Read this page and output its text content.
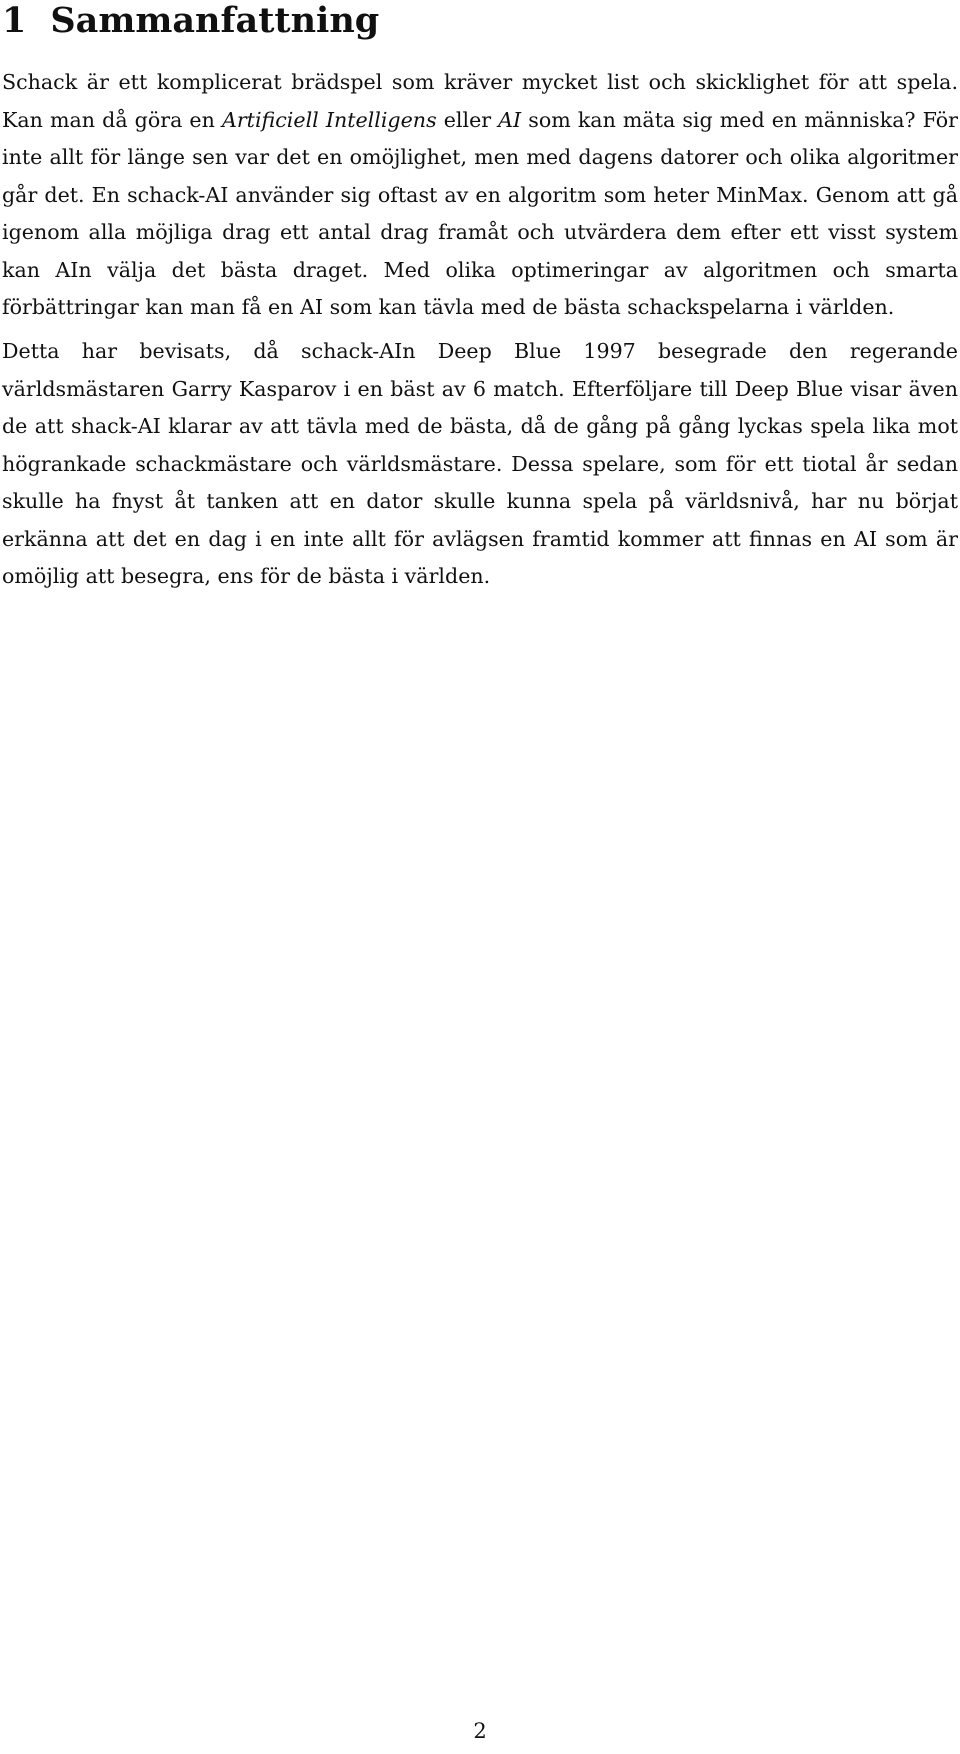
1 Sammanfattning

Schack är ett komplicerat brädspel som kräver mycket list och skicklighet för att spela. Kan man då göra en Artificiell Intelligens eller AI som kan mäta sig med en människa? För inte allt för länge sen var det en omöjlighet, men med dagens datorer och olika algoritmer går det. En schack-AI använder sig oftast av en algoritm som heter MinMax. Genom att gå igenom alla möjliga drag ett antal drag framåt och utvärdera dem efter ett visst system kan AIn välja det bästa draget. Med olika optimeringar av algoritmen och smarta förbättringar kan man få en AI som kan tävla med de bästa schackspelarna i världen.

Detta har bevisats, då schack-AIn Deep Blue 1997 besegrade den regerande världsmästaren Garry Kasparov i en bäst av 6 match. Efterföljare till Deep Blue visar även de att shack-AI klarar av att tävla med de bästa, då de gång på gång lyckas spela lika mot högrankade schackmästare och världsmästare. Dessa spelare, som för ett tiotal år sedan skulle ha fnyst åt tanken att en dator skulle kunna spela på världsnivå, har nu börjat erkänna att det en dag i en inte allt för avlägsen framtid kommer att finnas en AI som är omöjlig att besegra, ens för de bästa i världen.

2
